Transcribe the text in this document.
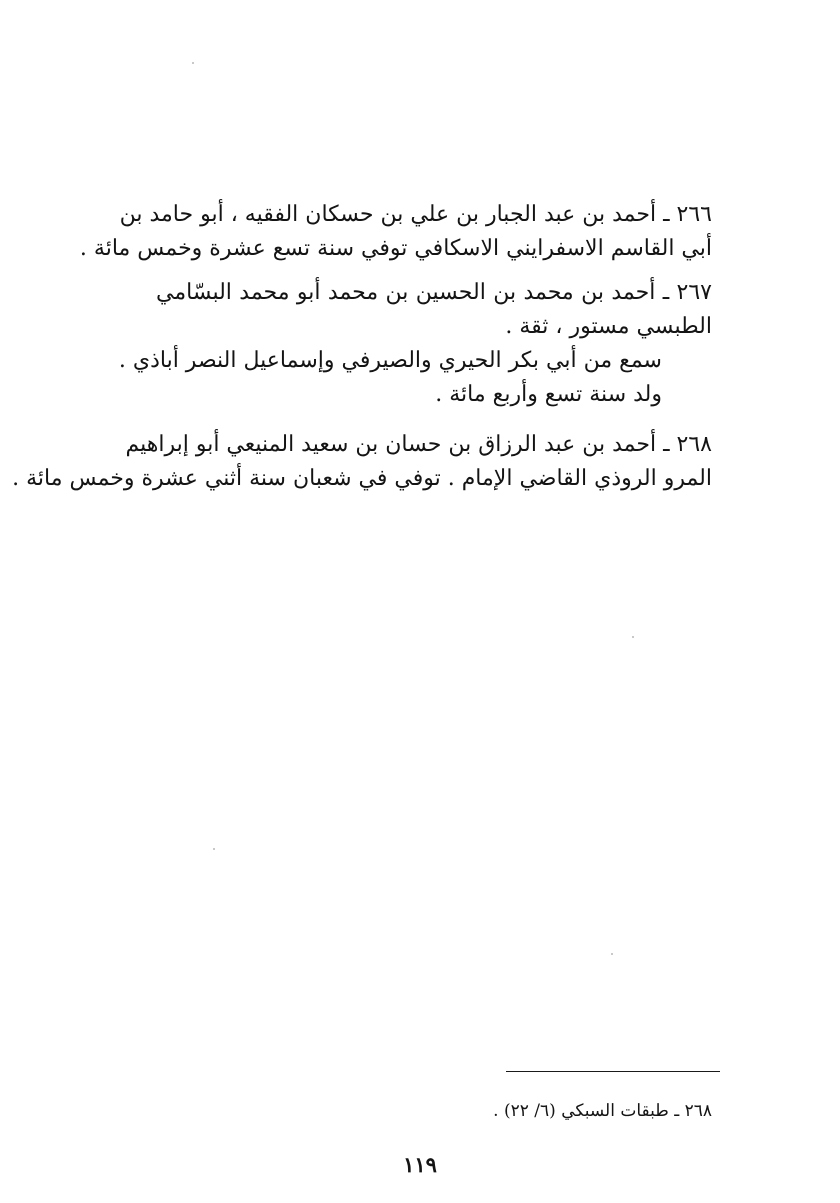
٢٦٦ ـ أحمد بن عبد الجبار بن علي بن حسكان الفقيه ، أبو حامد بن
أبي القاسم الاسفرايني الاسكافي توفي سنة تسع عشرة وخمس مائة .
٢٦٧ ـ أحمد بن محمد بن الحسين بن محمد أبو محمد البسّامي
الطبسي مستور ، ثقة .
سمع من أبي بكر الحيري والصيرفي وإسماعيل النصر أباذي .
ولد سنة تسع وأربع مائة .
٢٦٨ ـ أحمد بن عبد الرزاق بن حسان بن سعيد المنيعي أبو إبراهيم
المرو الروذي القاضي الإمام . توفي في شعبان سنة أثني عشرة وخمس مائة .
٢٦٨ ـ طبقات السبكي (٦/ ٢٢) .
١١٩
